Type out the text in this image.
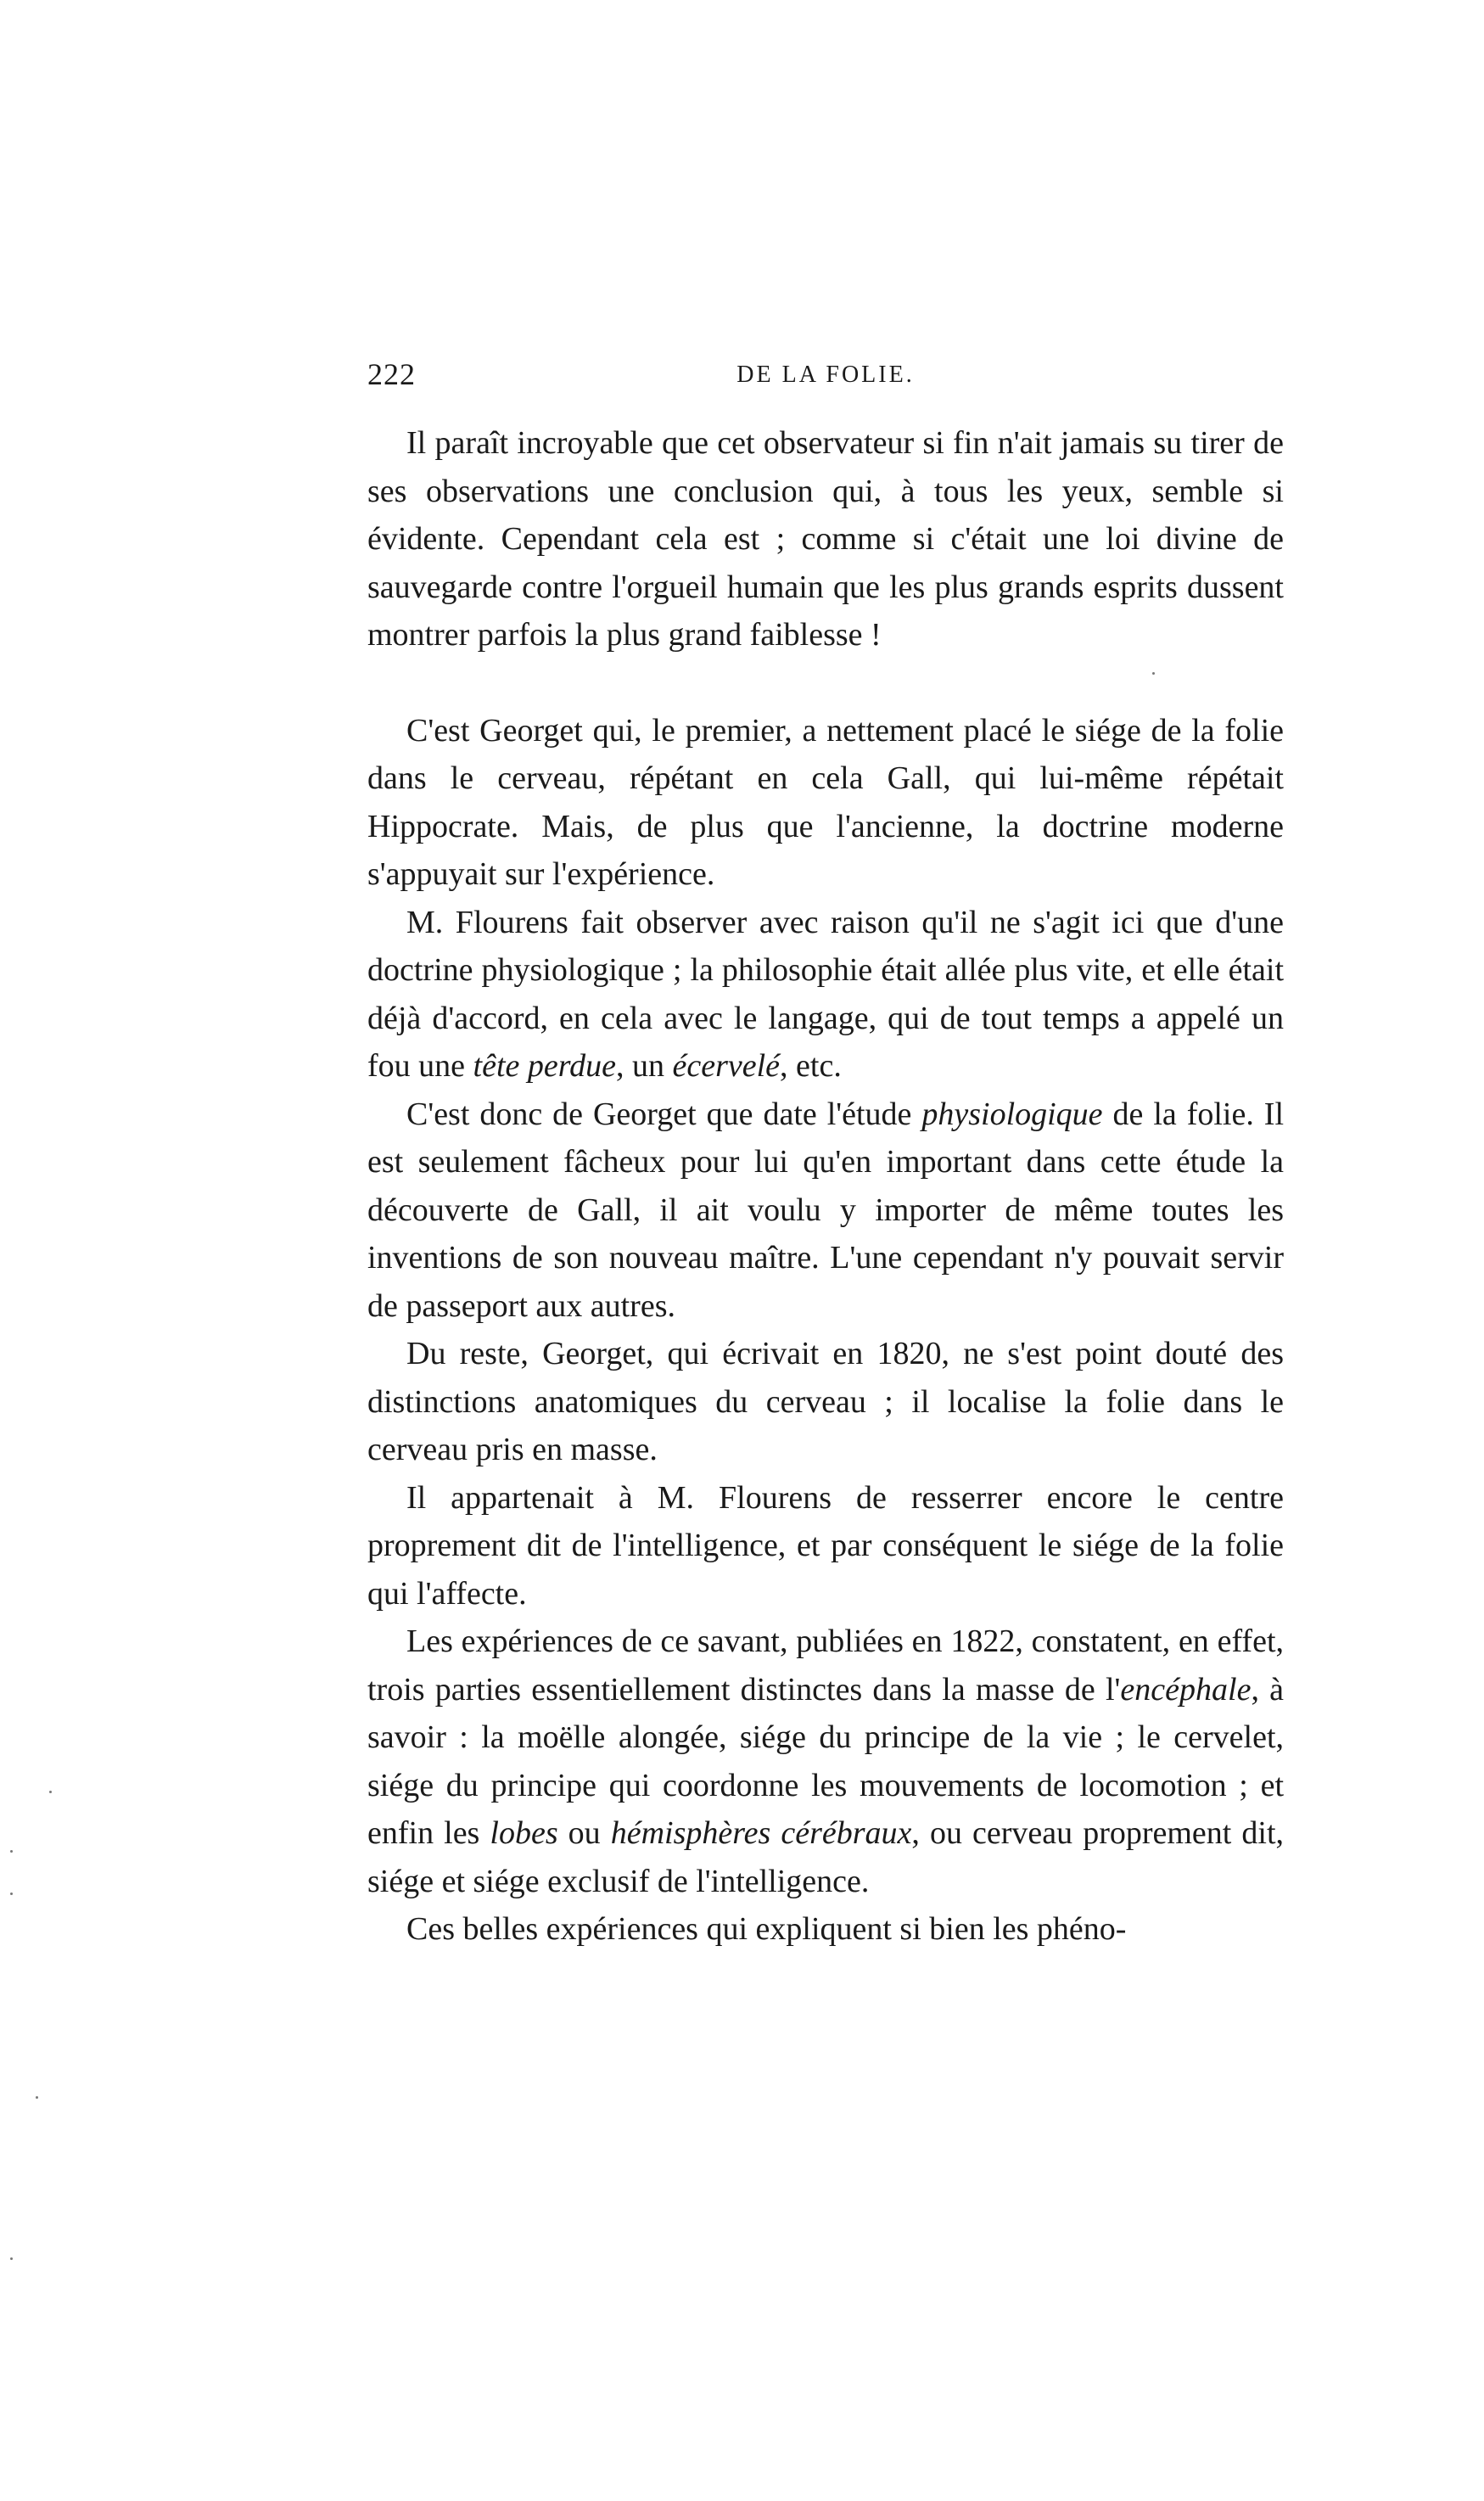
222	DE LA FOLIE.

Il paraît incroyable que cet observateur si fin n'ait jamais su tirer de ses observations une conclusion qui, à tous les yeux, semble si évidente. Cependant cela est ; comme si c'était une loi divine de sauvegarde contre l'orgueil humain que les plus grands esprits dussent montrer parfois la plus grand faiblesse !

C'est Georget qui, le premier, a nettement placé le siége de la folie dans le cerveau, répétant en cela Gall, qui lui-même répétait Hippocrate. Mais, de plus que l'ancienne, la doctrine moderne s'appuyait sur l'expérience.

M. Flourens fait observer avec raison qu'il ne s'agit ici que d'une doctrine physiologique ; la philosophie était allée plus vite, et elle était déjà d'accord, en cela avec le langage, qui de tout temps a appelé un fou une tête perdue, un écervelé, etc.

C'est donc de Georget que date l'étude physiologique de la folie. Il est seulement fâcheux pour lui qu'en important dans cette étude la découverte de Gall, il ait voulu y importer de même toutes les inventions de son nouveau maître. L'une cependant n'y pouvait servir de passeport aux autres.

Du reste, Georget, qui écrivait en 1820, ne s'est point douté des distinctions anatomiques du cerveau ; il localise la folie dans le cerveau pris en masse.

Il appartenait à M. Flourens de resserrer encore le centre proprement dit de l'intelligence, et par conséquent le siége de la folie qui l'affecte.

Les expériences de ce savant, publiées en 1822, constatent, en effet, trois parties essentiellement distinctes dans la masse de l'encéphale, à savoir : la moëlle alongée, siége du principe de la vie ; le cervelet, siége du principe qui coordonne les mouvements de locomotion ; et enfin les lobes ou hémisphères cérébraux, ou cerveau proprement dit, siége et siége exclusif de l'intelligence.

Ces belles expériences qui expliquent si bien les phéno-
